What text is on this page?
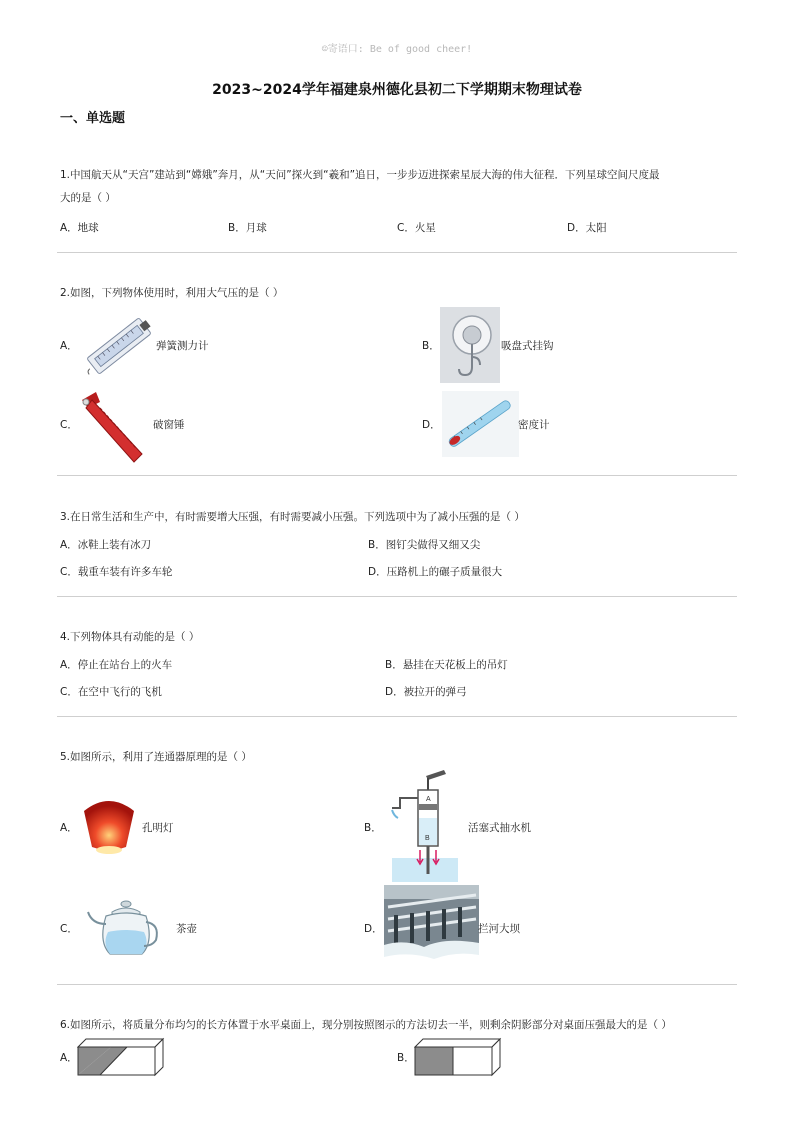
☺寄语口: Be of good cheer!
2023~2024学年福建泉州德化县初二下学期期末物理试卷
一、单选题
1.中国航天从“天宫”建站到“嫦娥”奔月，从“天问”探火到“羲和”追日，一步步迈进探索星辰大海的伟大征程．下列星球空间尺度最
大的是（ ）
A．地球	B．月球	C．火星	D．太阳
2.如图，下列物体使用时，利用大气压的是（ ）
A．	弹簧测力计	B．	吸盘式挂钩
C．	破窗锤	D．	密度计
3.在日常生活和生产中，有时需要增大压强，有时需要减小压强。下列选项中为了减小压强的是（ ）
A．冰鞋上装有冰刀	B．图钉尖做得又细又尖
C．载重车装有许多车轮	D．压路机上的碾子质量很大
4.下列物体具有动能的是（ ）
A．停止在站台上的火车	B．悬挂在天花板上的吊灯
C．在空中飞行的飞机	D．被拉开的弹弓
5.如图所示，利用了连通器原理的是（ ）
A．	孔明灯	B．
A
B
活塞式抽水机
C．	茶壶	D．	拦河大坝
6.如图所示，将质量分布均匀的长方体置于水平桌面上，现分别按照图示的方法切去一半，则剩余阴影部分对桌面压强最大的是（ ）
A．	B．
